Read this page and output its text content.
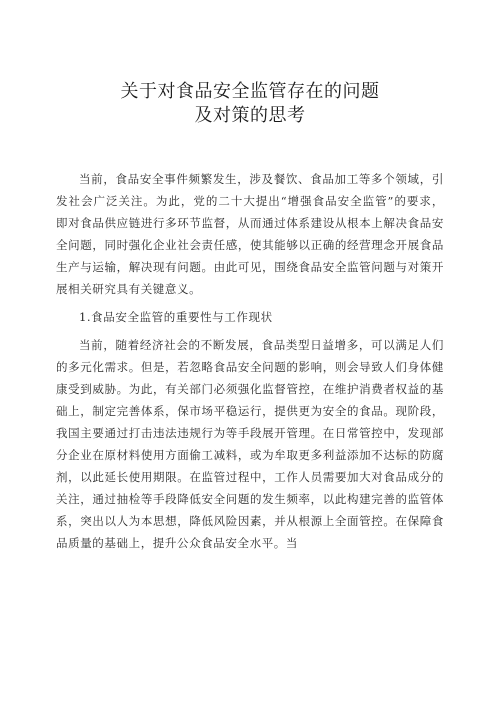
关于对食品安全监管存在的问题
及对策的思考

当前，食品安全事件频繁发生，涉及餐饮、食品加工等多个领域，引发社会广泛关注。为此，党的二十大提出“增强食品安全监管”的要求，即对食品供应链进行多环节监督，从而通过体系建设从根本上解决食品安全问题，同时强化企业社会责任感，使其能够以正确的经营理念开展食品生产与运输，解决现有问题。由此可见，围绕食品安全监管问题与对策开展相关研究具有关键意义。

1.食品安全监管的重要性与工作现状

当前，随着经济社会的不断发展，食品类型日益增多，可以满足人们的多元化需求。但是，若忽略食品安全问题的影响，则会导致人们身体健康受到威胁。为此，有关部门必须强化监督管控，在维护消费者权益的基础上，制定完善体系，保市场平稳运行，提供更为安全的食品。现阶段，我国主要通过打击违法违规行为等手段展开管理。在日常管控中，发现部分企业在原材料使用方面偷工减料，或为牟取更多利益添加不达标的防腐剂，以此延长使用期限。在监管过程中，工作人员需要加大对食品成分的关注，通过抽检等手段降低安全问题的发生频率，以此构建完善的监管体系，突出以人为本思想，降低风险因素，并从根源上全面管控。在保障食品质量的基础上，提升公众食品安全水平。当
